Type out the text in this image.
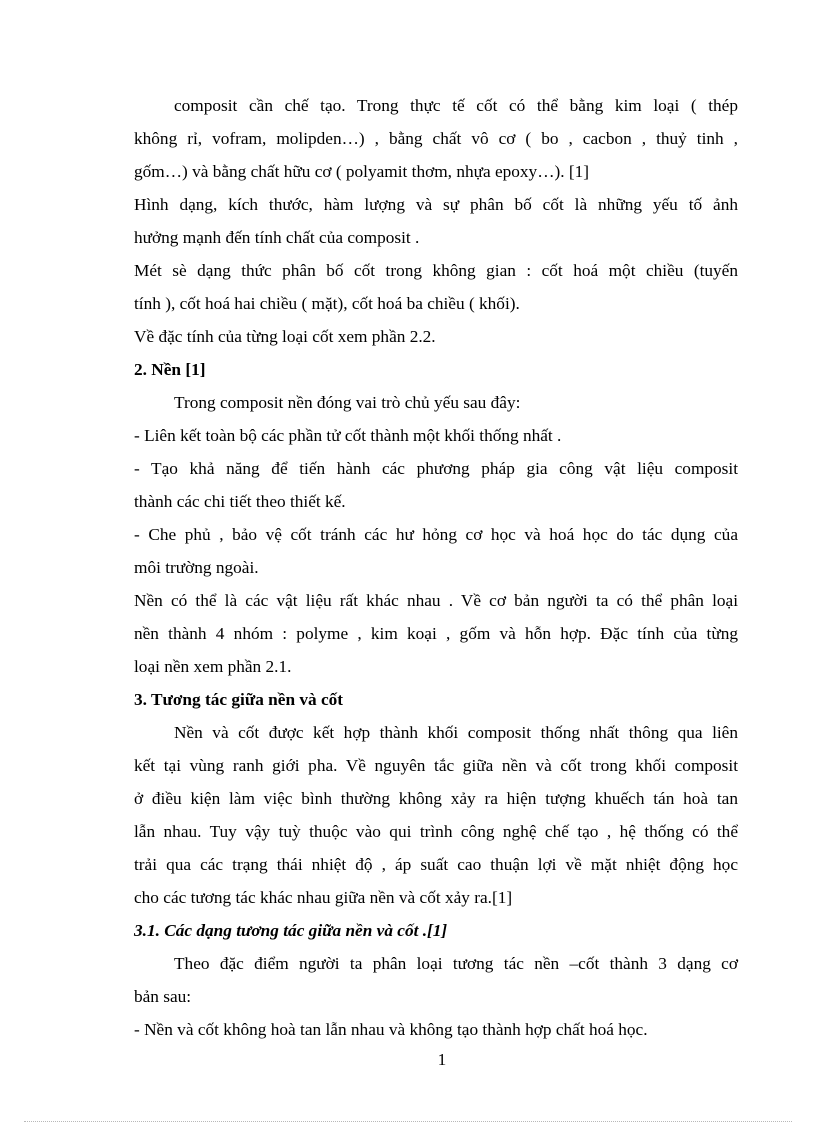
composit cần chế tạo. Trong thực tế cốt có thể bằng kim loại ( thép
không rỉ, vofram, molipden…) , bằng chất vô cơ ( bo , cacbon , thuỷ tinh ,
gốm…) và bằng chất hữu cơ ( polyamit thơm, nhựa epoxy…). [1]
Hình dạng, kích thước, hàm lượng và sự phân bố cốt là những yếu tố ảnh
hưởng mạnh đến tính chất của composit .
Mét sè dạng thức phân bố cốt trong không gian : cốt hoá một chiều (tuyến
tính ), cốt hoá hai chiều ( mặt), cốt hoá ba chiều ( khối).
Về đặc tính của từng loại cốt xem phần 2.2.
2. Nền [1]
Trong composit nền đóng vai trò chủ yếu sau đây:
- Liên kết toàn bộ các phần tử cốt thành một khối thống nhất .
- Tạo khả năng để tiến hành các phương pháp gia công vật liệu composit
thành các chi tiết theo thiết kế.
- Che phủ , bảo vệ cốt tránh các hư hỏng cơ học và hoá học do tác dụng của
môi trường ngoài.
Nền có thể là các vật liệu rất khác nhau . Về cơ bản người ta có thể phân loại
nền thành 4 nhóm : polyme , kim koại , gốm và hỗn hợp. Đặc tính của từng
loại nền xem phần 2.1.
3. Tương tác giữa nền và cốt
Nền và cốt được kết hợp thành khối composit thống nhất thông qua liên
kết tại vùng ranh giới pha. Về nguyên tắc giữa nền và cốt trong khối composit
ở điều kiện làm việc bình thường không xảy ra hiện tượng khuếch tán hoà tan
lẫn nhau. Tuy vậy tuỳ thuộc vào qui trình công nghệ chế tạo , hệ thống có thể
trải qua các trạng thái nhiệt độ , áp suất cao thuận lợi về mặt nhiệt động học
cho các tương tác khác nhau giữa nền và cốt xảy ra.[1]
3.1. Các dạng tương tác giữa nền và cốt .[1]
Theo đặc điểm người ta phân loại tương tác nền –cốt thành 3 dạng cơ
bản sau:
- Nền và cốt không hoà tan lẫn nhau và không tạo thành hợp chất hoá học.
1
